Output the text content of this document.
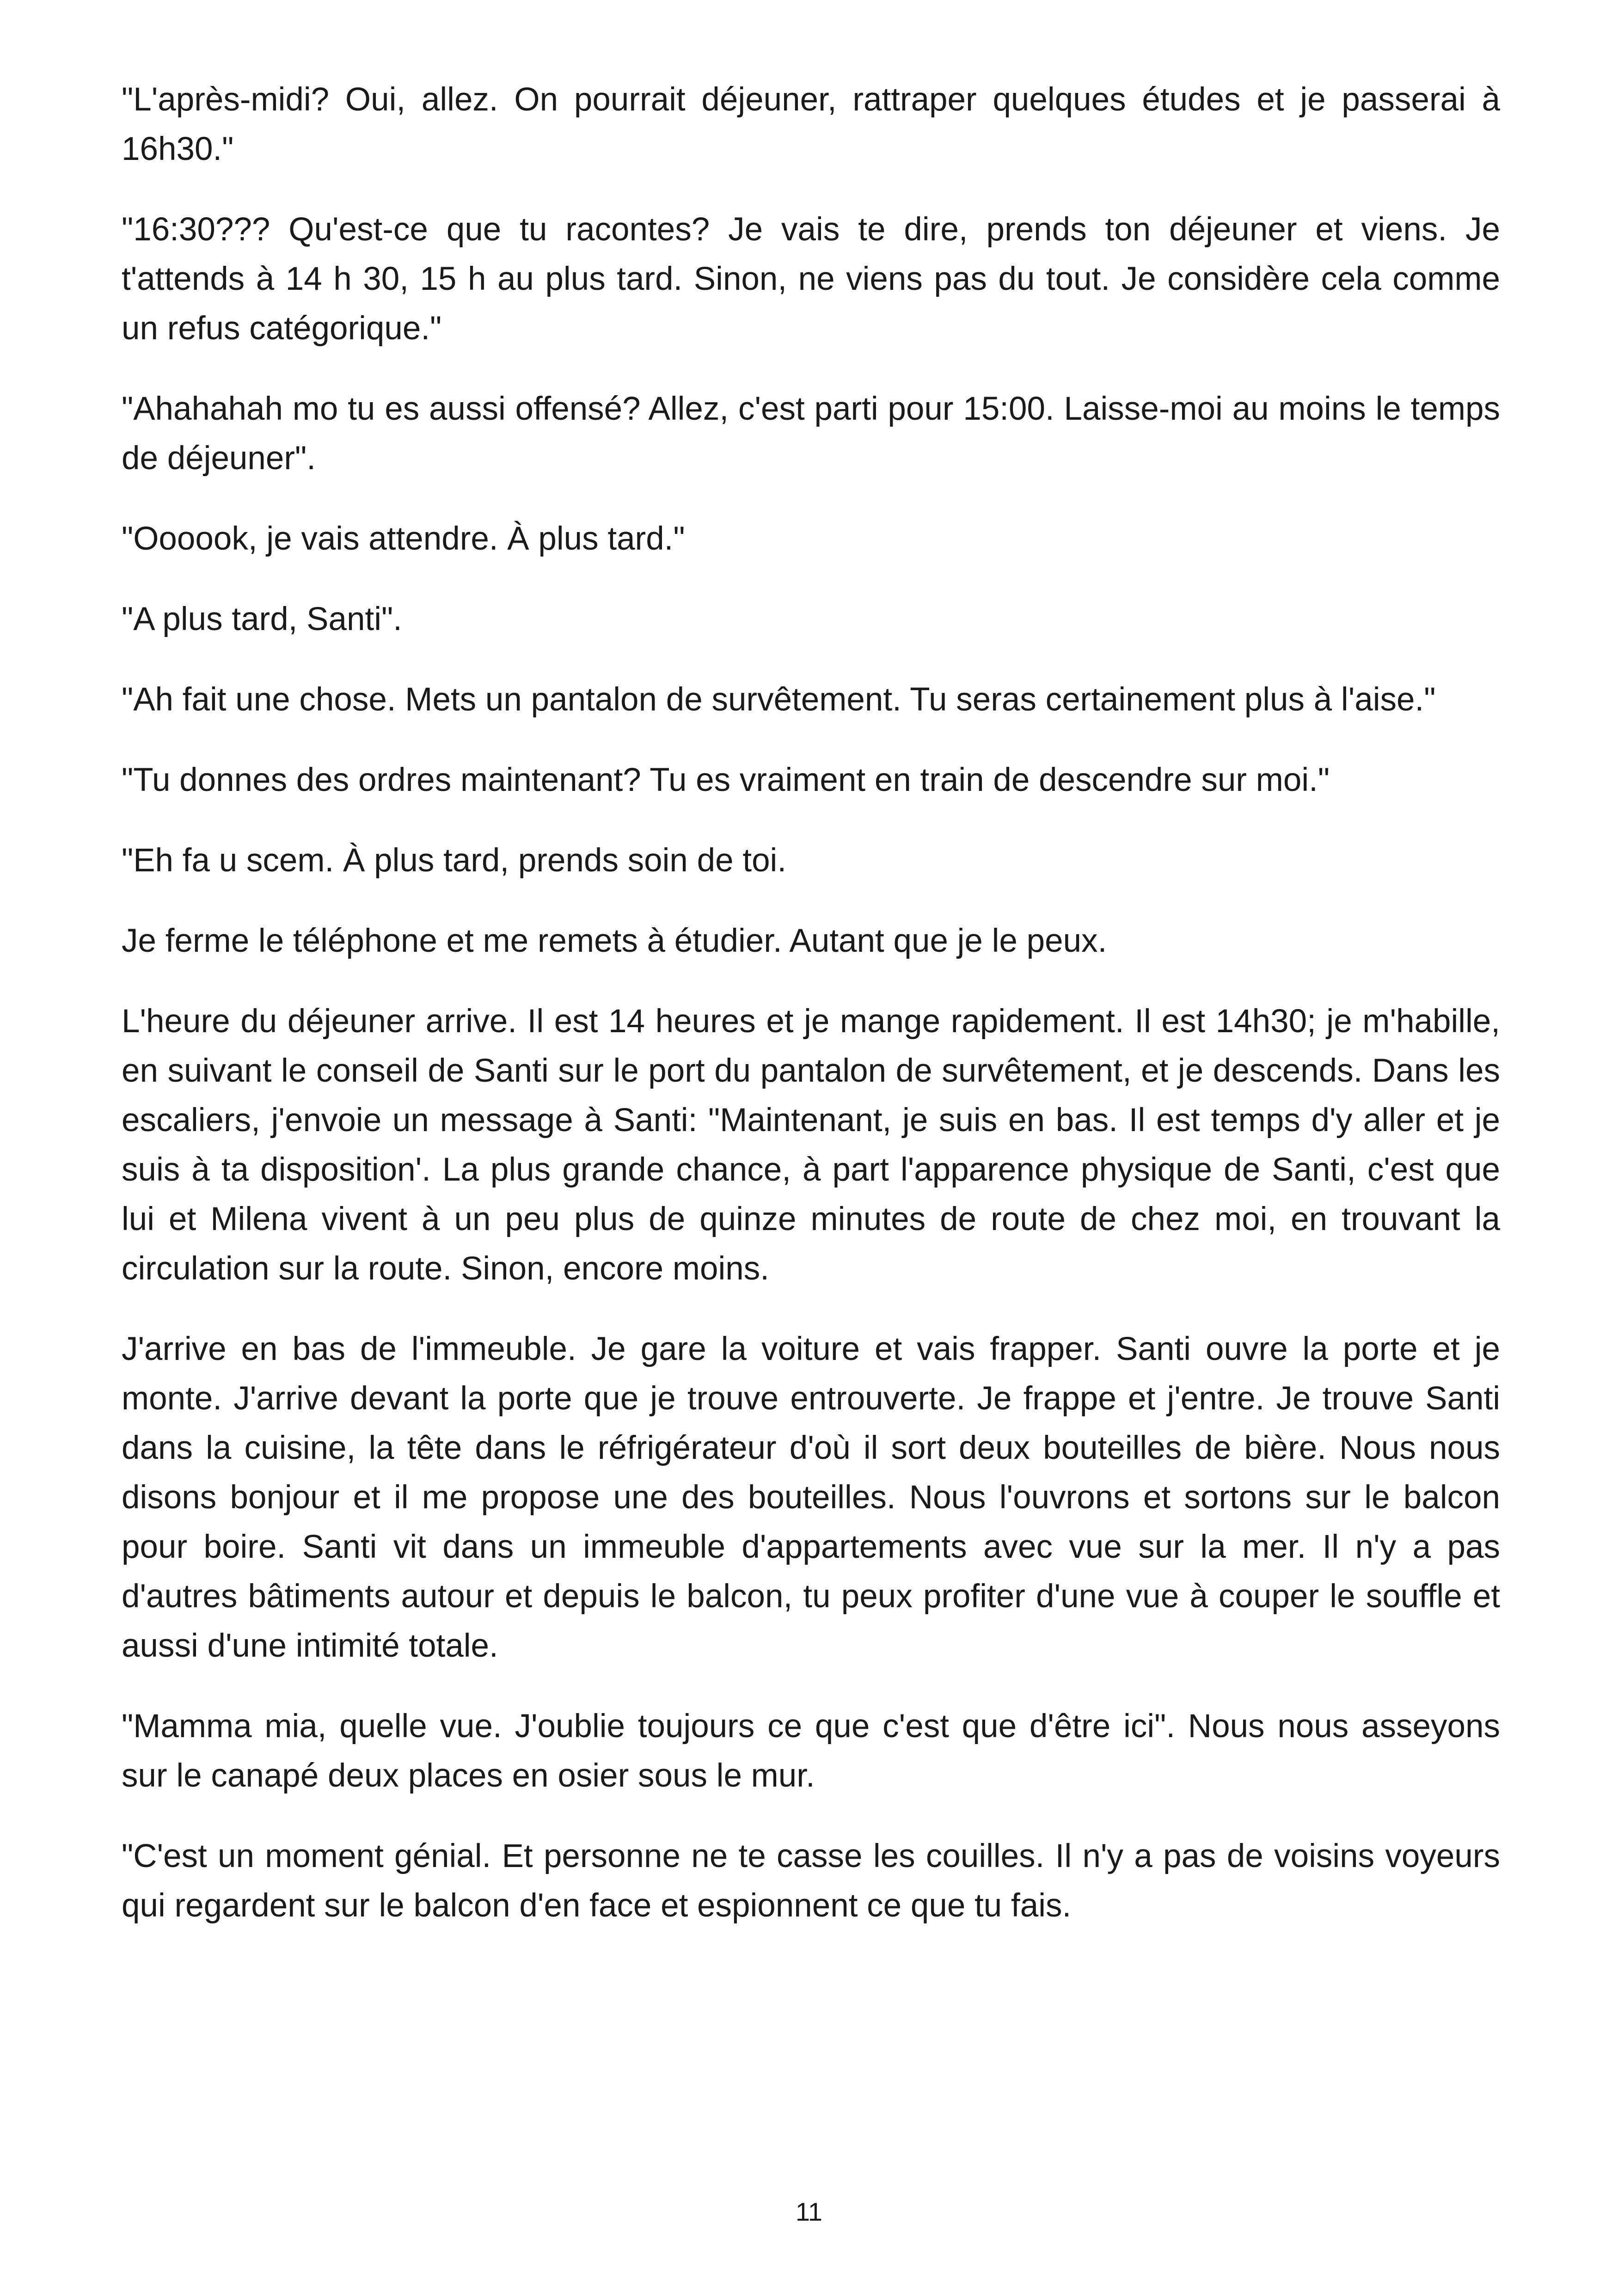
"L'après-midi? Oui, allez. On pourrait déjeuner, rattraper quelques études et je passerai à 16h30."

"16:30??? Qu'est-ce que tu racontes? Je vais te dire, prends ton déjeuner et viens. Je t'attends à 14 h 30, 15 h au plus tard. Sinon, ne viens pas du tout. Je considère cela comme un refus catégorique."

"Ahahahah mo tu es aussi offensé? Allez, c'est parti pour 15:00. Laisse-moi au moins le temps de déjeuner".

"Oooook, je vais attendre. À plus tard."

"A plus tard, Santi".

"Ah fait une chose. Mets un pantalon de survêtement. Tu seras certainement plus à l'aise."

"Tu donnes des ordres maintenant? Tu es vraiment en train de descendre sur moi."

"Eh fa u scem. À plus tard, prends soin de toi.

Je ferme le téléphone et me remets à étudier. Autant que je le peux.

L'heure du déjeuner arrive. Il est 14 heures et je mange rapidement. Il est 14h30; je m'habille, en suivant le conseil de Santi sur le port du pantalon de survêtement, et je descends. Dans les escaliers, j'envoie un message à Santi: "Maintenant, je suis en bas. Il est temps d'y aller et je suis à ta disposition'. La plus grande chance, à part l'apparence physique de Santi, c'est que lui et Milena vivent à un peu plus de quinze minutes de route de chez moi, en trouvant la circulation sur la route. Sinon, encore moins.

J'arrive en bas de l'immeuble. Je gare la voiture et vais frapper. Santi ouvre la porte et je monte. J'arrive devant la porte que je trouve entrouverte. Je frappe et j'entre. Je trouve Santi dans la cuisine, la tête dans le réfrigérateur d'où il sort deux bouteilles de bière. Nous nous disons bonjour et il me propose une des bouteilles. Nous l'ouvrons et sortons sur le balcon pour boire. Santi vit dans un immeuble d'appartements avec vue sur la mer. Il n'y a pas d'autres bâtiments autour et depuis le balcon, tu peux profiter d'une vue à couper le souffle et aussi d'une intimité totale.

"Mamma mia, quelle vue. J'oublie toujours ce que c'est que d'être ici". Nous nous asseyons sur le canapé deux places en osier sous le mur.

"C'est un moment génial. Et personne ne te casse les couilles. Il n'y a pas de voisins voyeurs qui regardent sur le balcon d'en face et espionnent ce que tu fais.

11
